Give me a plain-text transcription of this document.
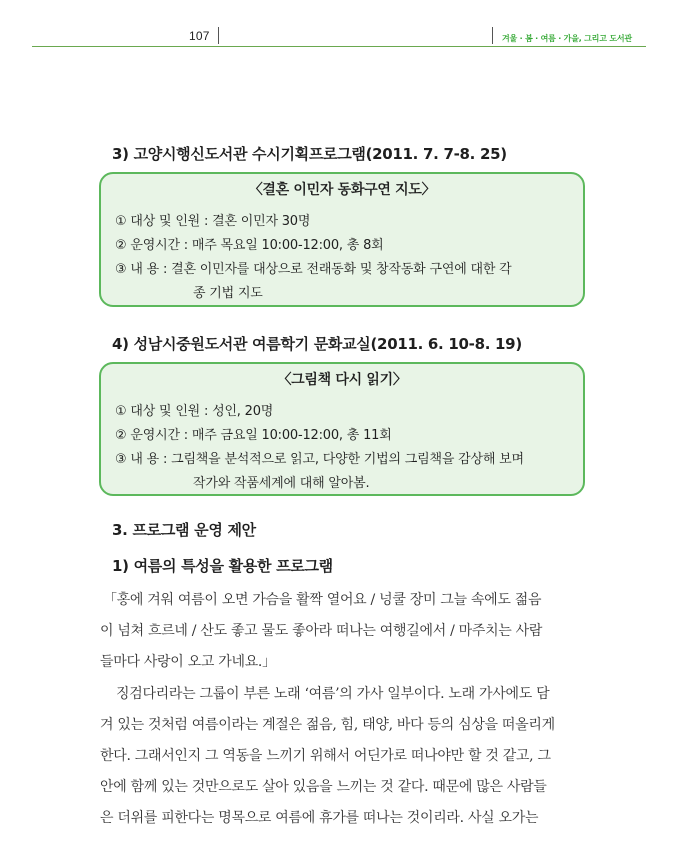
107	겨울 · 봄 · 여름 · 가을, 그리고 도서관
3) 고양시행신도서관 수시기획프로그램(2011. 7. 7-8. 25)
〈결혼 이민자 동화구연 지도〉
① 대상 및 인원 : 결혼 이민자 30명
② 운영시간 : 매주 목요일 10:00-12:00, 총 8회
③ 내 용 : 결혼 이민자를 대상으로 전래동화 및 창작동화 구연에 대한 각
종 기법 지도
4) 성남시중원도서관 여름학기 문화교실(2011. 6. 10-8. 19)
〈그림책 다시 읽기〉
① 대상 및 인원 : 성인, 20명
② 운영시간 : 매주 금요일 10:00-12:00, 총 11회
③ 내 용 : 그림책을 분석적으로 읽고, 다양한 기법의 그림책을 감상해 보며
작가와 작품세계에 대해 알아봄.
3. 프로그램 운영 제안
1) 여름의 특성을 활용한 프로그램
「홍에 겨워 여름이 오면 가슴을 활짝 열어요 / 넝쿨 장미 그늘 속에도 젊음
이 넘쳐 흐르네 / 산도 좋고 물도 좋아라 떠나는 여행길에서 / 마주치는 사람
들마다 사랑이 오고 가네요.」
징검다리라는 그룹이 부른 노래 ‘여름’의 가사 일부이다. 노래 가사에도 담
겨 있는 것처럼 여름이라는 계절은 젊음, 힘, 태양, 바다 등의 심상을 떠올리게
한다. 그래서인지 그 역동을 느끼기 위해서 어딘가로 떠나야만 할 것 같고, 그
안에 함께 있는 것만으로도 살아 있음을 느끼는 것 같다. 때문에 많은 사람들
은 더위를 피한다는 명목으로 여름에 휴가를 떠나는 것이리라. 사실 오가는
